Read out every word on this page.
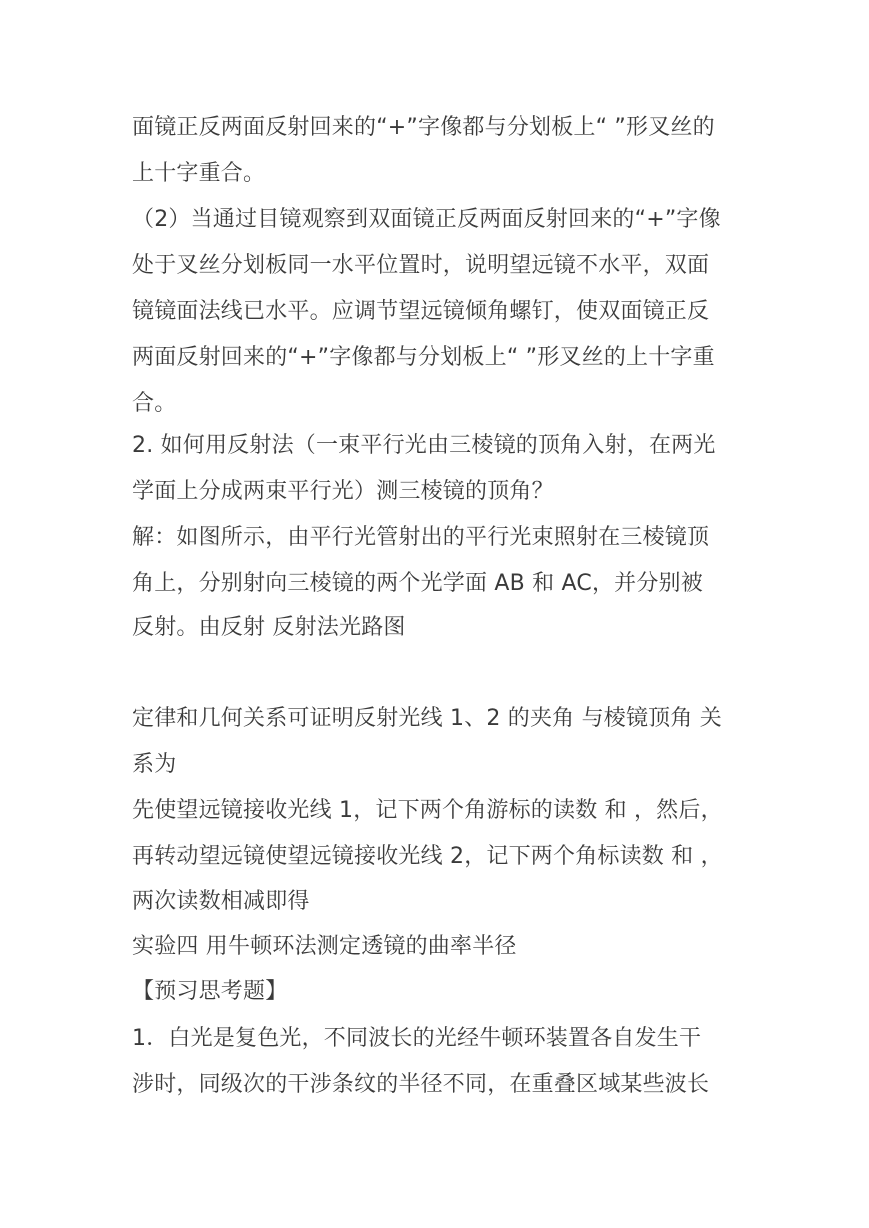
面镜正反两面反射回来的“+”字像都与分划板上“ ”形叉丝的
上十字重合。
（2）当通过目镜观察到双面镜正反两面反射回来的“+”字像
处于叉丝分划板同一水平位置时，说明望远镜不水平，双面
镜镜面法线已水平。应调节望远镜倾角螺钉，使双面镜正反
两面反射回来的“+”字像都与分划板上“ ”形叉丝的上十字重
合。
2. 如何用反射法（一束平行光由三棱镜的顶角入射，在两光
学面上分成两束平行光）测三棱镜的顶角？
解：如图所示，由平行光管射出的平行光束照射在三棱镜顶
角上，分别射向三棱镜的两个光学面 AB 和 AC，并分别被
反射。由反射 反射法光路图
定律和几何关系可证明反射光线 1、2 的夹角 与棱镜顶角 关
系为
先使望远镜接收光线 1，记下两个角游标的读数 和 ，然后，
再转动望远镜使望远镜接收光线 2，记下两个角标读数 和 ，
两次读数相减即得
实验四 用牛顿环法测定透镜的曲率半径
【预习思考题】
1．白光是复色光，不同波长的光经牛顿环装置各自发生干
涉时，同级次的干涉条纹的半径不同，在重叠区域某些波长
